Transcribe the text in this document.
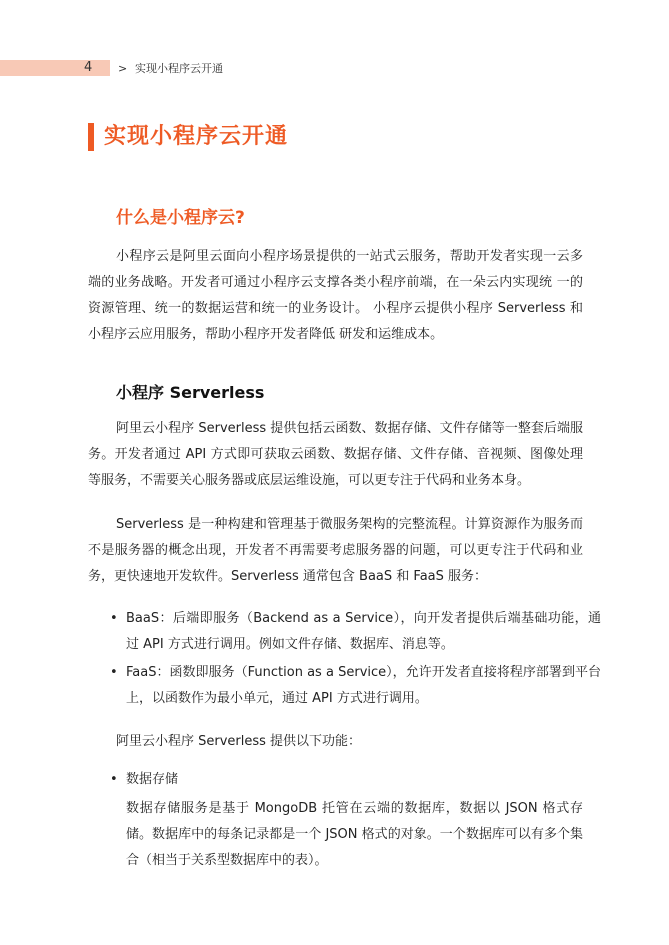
4 > 实现小程序云开通
实现小程序云开通
什么是小程序云?

小程序云是阿里云面向小程序场景提供的一站式云服务，帮助开发者实现一云多端的业务战略。开发者可通过小程序云支撑各类小程序前端，在一朵云内实现统 一的资源管理、统一的数据运营和统一的业务设计。 小程序云提供小程序 Serverless 和小程序云应用服务，帮助小程序开发者降低 研发和运维成本。

小程序 Serverless

阿里云小程序 Serverless 提供包括云函数、数据存储、文件存储等一整套后端服务。开发者通过 API 方式即可获取云函数、数据存储、文件存储、音视频、图像处理等服务，不需要关心服务器或底层运维设施，可以更专注于代码和业务本身。

Serverless 是一种构建和管理基于微服务架构的完整流程。计算资源作为服务而不是服务器的概念出现，开发者不再需要考虑服务器的问题，可以更专注于代码和业务，更快速地开发软件。Serverless 通常包含 BaaS 和 FaaS 服务：

• BaaS：后端即服务（Backend as a Service），向开发者提供后端基础功能，通过 API 方式进行调用。例如文件存储、数据库、消息等。
• FaaS：函数即服务（Function as a Service），允许开发者直接将程序部署到平台上，以函数作为最小单元，通过 API 方式进行调用。

阿里云小程序 Serverless 提供以下功能：

• 数据存储

数据存储服务是基于 MongoDB 托管在云端的数据库，数据以 JSON 格式存储。数据库中的每条记录都是一个 JSON 格式的对象。一个数据库可以有多个集合（相当于关系型数据库中的表）。
